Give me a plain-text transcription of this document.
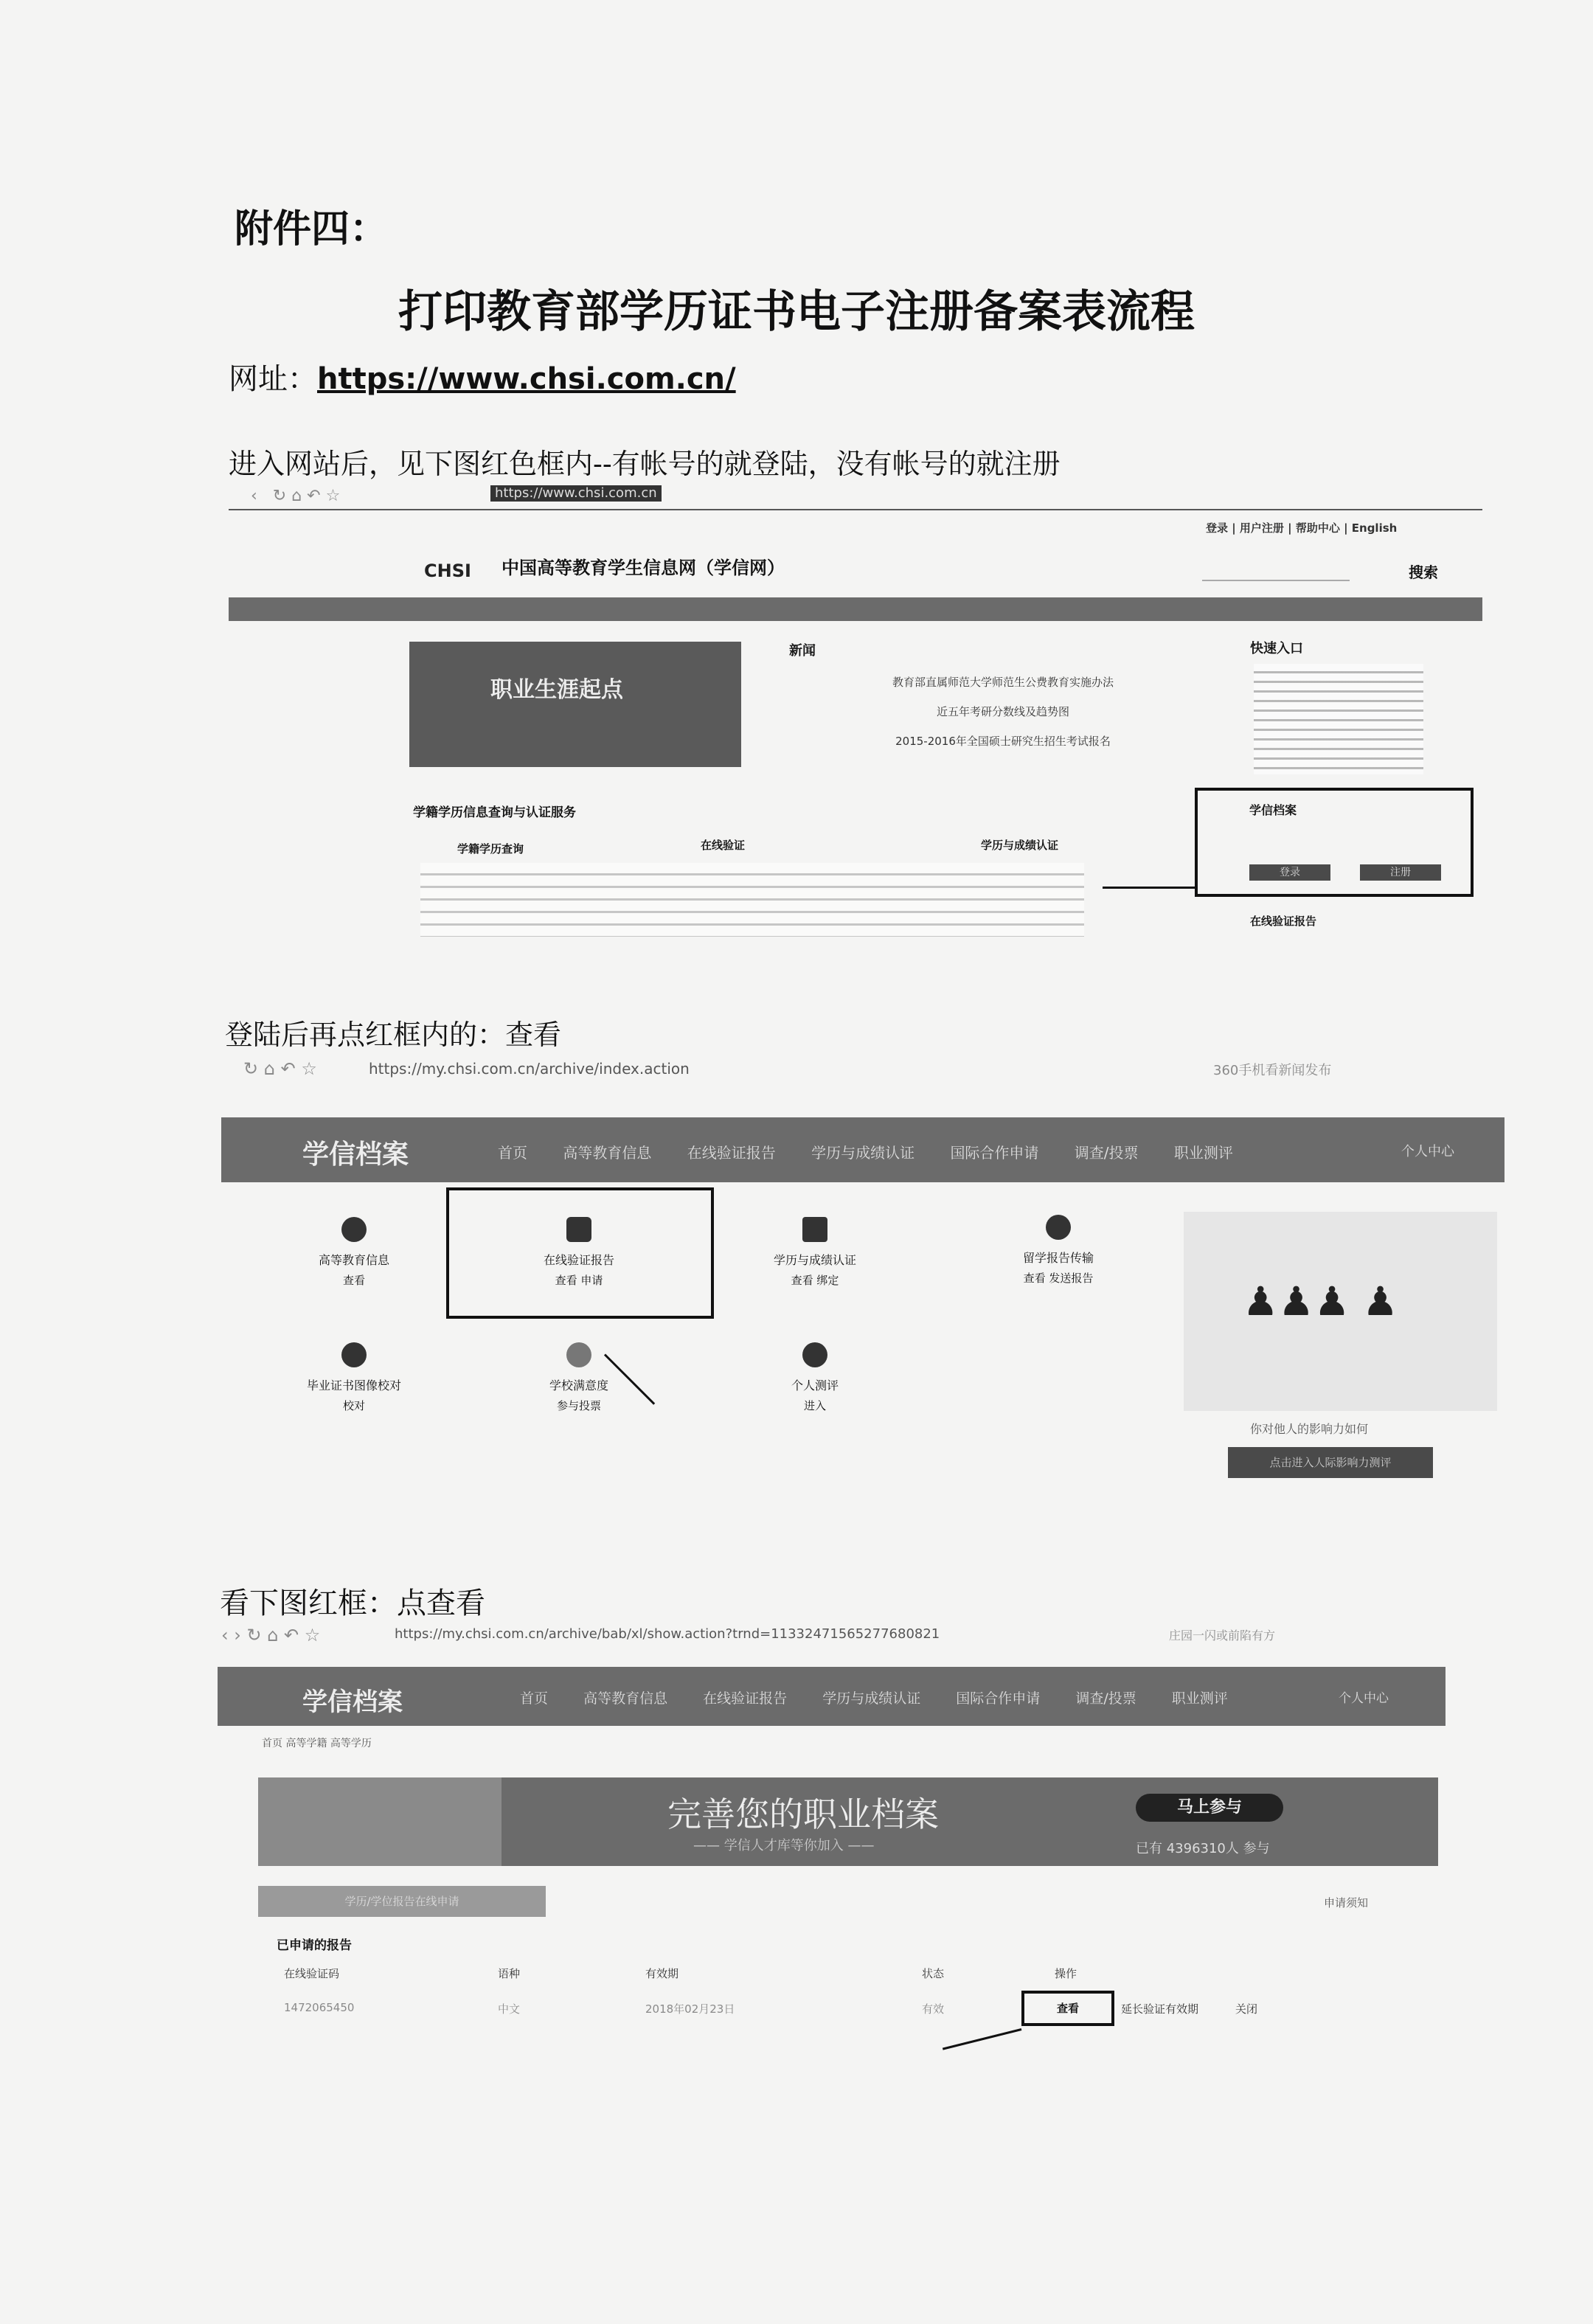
附件四：
打印教育部学历证书电子注册备案表流程
网址：https://www.chsi.com.cn/
进入网站后，见下图红色框内--有帐号的就登陆，没有帐号的就注册
‹   ↻ ⌂ ↶ ☆	https://www.chsi.com.cn
登录 | 用户注册 | 帮助中心 | English
CHSI 中国高等教育学生信息网（学信网）	搜索
职业生涯起点
新闻
教育部直属师范大学师范生公费教育实施办法
近五年考研分数线及趋势图
2015-2016年全国硕士研究生招生考试报名
快速入口
学籍学历信息查询与认证服务
学籍学历查询	在线验证	学历与成绩认证
学信档案
登录	注册
在线验证报告
登陆后再点红框内的：查看
↻ ⌂ ↶ ☆	https://my.chsi.com.cn/archive/index.action	360手机看新闻发布
学信档案	首页 高等教育信息 在线验证报告 学历与成绩认证 国际合作申请 调查/投票 职业测评	个人中心
高等教育信息
查看
在线验证报告
查看 申请
学历与成绩认证
查看 绑定
留学报告传输
查看 发送报告
毕业证书图像校对
校对
学校满意度
参与投票
个人测评
进入
♟♟♟ ♟
你对他人的影响力如何
点击进入人际影响力测评
看下图红框：点查看
‹ › ↻ ⌂ ↶ ☆	https://my.chsi.com.cn/archive/bab/xl/show.action?trnd=11332471565277680821	庄园一闪或前陷有方
学信档案	首页	高等教育信息	在线验证报告	学历与成绩认证	国际合作申请	调查/投票	职业测评	个人中心
首页 高等学籍 高等学历
完善您的职业档案
—— 学信人才库等你加入 ——
马上参与
已有 4396310人 参与
学历/学位报告在线申请	申请须知
已申请的报告
在线验证码	语种	有效期	状态	操作
1472065450	中文	2018年02月23日	有效	查看	延长验证有效期	关闭
